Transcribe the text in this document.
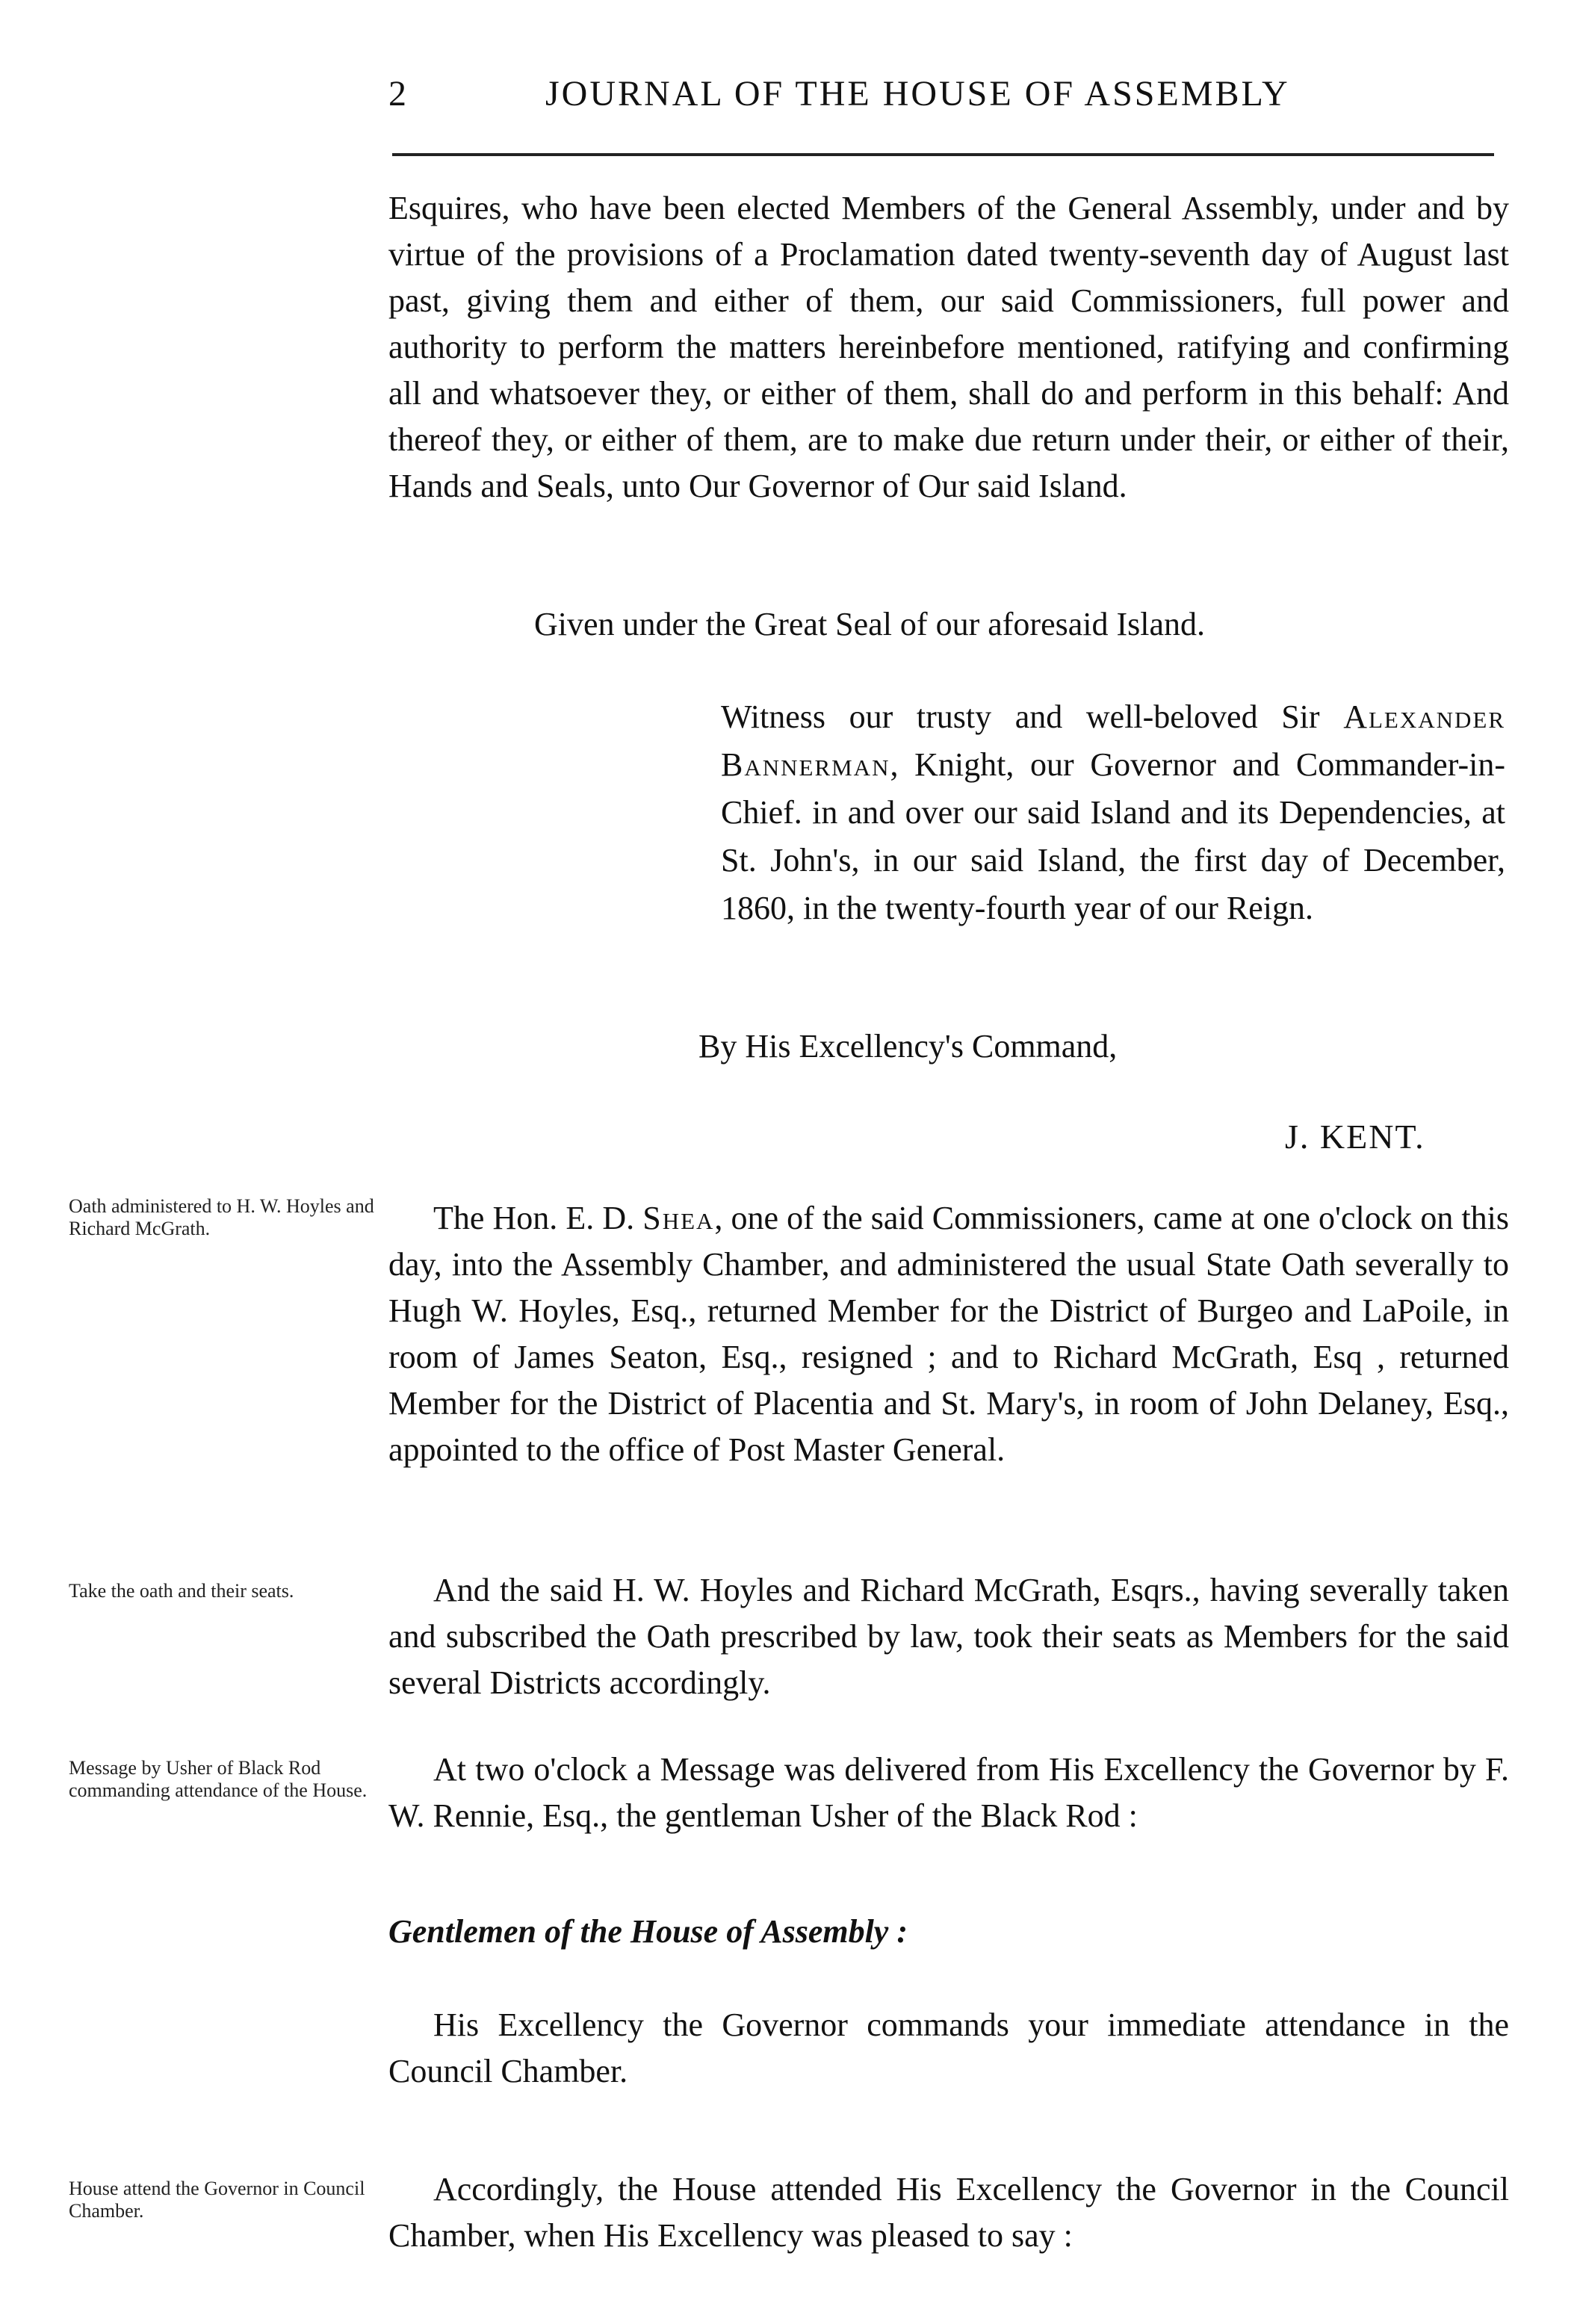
2	JOURNAL OF THE HOUSE OF ASSEMBLY
Esquires, who have been elected Members of the General Assembly, under and by virtue of the provisions of a Proclamation dated twenty-seventh day of August last past, giving them and either of them, our said Commissioners, full power and authority to perform the matters hereinbefore mentioned, ratifying and confirming all and whatsoever they, or either of them, shall do and perform in this behalf: And thereof they, or either of them, are to make due return under their, or either of their, Hands and Seals, unto Our Governor of Our said Island.
Given under the Great Seal of our aforesaid Island.
Witness our trusty and well-beloved Sir Alexander Bannerman, Knight, our Governor and Commander-in-Chief. in and over our said Island and its Dependencies, at St. John's, in our said Island, the first day of December, 1860, in the twenty-fourth year of our Reign.
By His Excellency's Command,
J. KENT.
Oath administered to H. W. Hoyles and Richard McGrath.	The Hon. E. D. Shea, one of the said Commissioners, came at one o'clock on this day, into the Assembly Chamber, and administered the usual State Oath severally to Hugh W. Hoyles, Esq., returned Member for the District of Burgeo and LaPoile, in room of James Seaton, Esq., resigned ; and to Richard McGrath, Esq , returned Member for the District of Placentia and St. Mary's, in room of John Delaney, Esq., appointed to the office of Post Master General.
Take the oath and their seats.	And the said H. W. Hoyles and Richard McGrath, Esqrs., having severally taken and subscribed the Oath prescribed by law, took their seats as Members for the said several Districts accordingly.
Message by Usher of Black Rod commanding attendance of the House.
At two o'clock a Message was delivered from His Excellency the Governor by F. W. Rennie, Esq., the gentleman Usher of the Black Rod :
Gentlemen of the House of Assembly :
His Excellency the Governor commands your immediate attendance in the Council Chamber.
House attend the Governor in Council Chamber.
Accordingly, the House attended His Excellency the Governor in the Council Chamber, when His Excellency was pleased to say :
